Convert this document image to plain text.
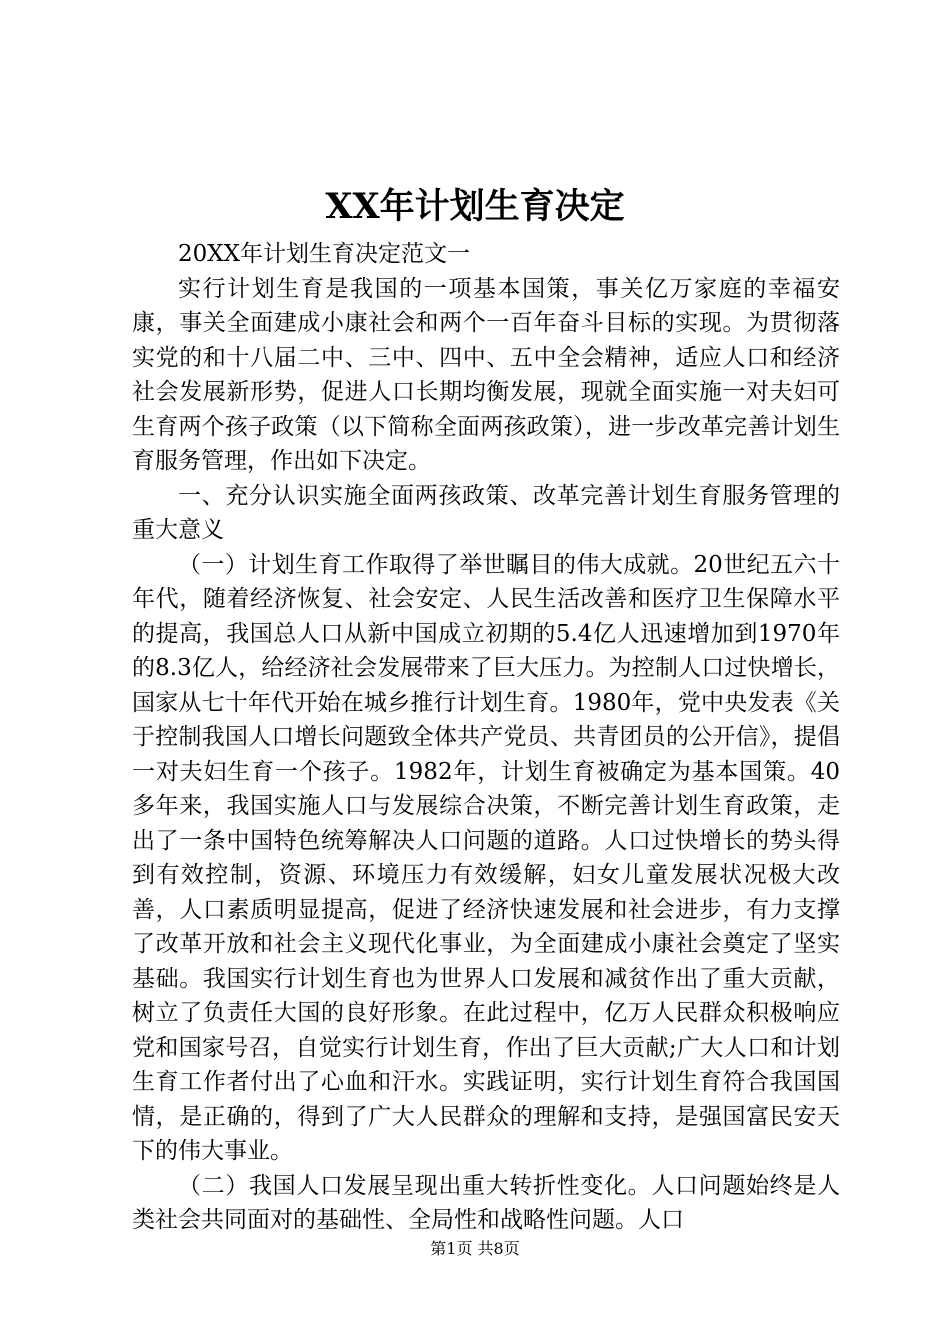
XX年计划生育决定

20XX年计划生育决定范文一

实行计划生育是我国的一项基本国策，事关亿万家庭的幸福安康，事关全面建成小康社会和两个一百年奋斗目标的实现。为贯彻落实党的和十八届二中、三中、四中、五中全会精神，适应人口和经济社会发展新形势，促进人口长期均衡发展，现就全面实施一对夫妇可生育两个孩子政策（以下简称全面两孩政策），进一步改革完善计划生育服务管理，作出如下决定。

一、充分认识实施全面两孩政策、改革完善计划生育服务管理的重大意义

（一）计划生育工作取得了举世瞩目的伟大成就。20世纪五六十年代，随着经济恢复、社会安定、人民生活改善和医疗卫生保障水平的提高，我国总人口从新中国成立初期的5.4亿人迅速增加到1970年的8.3亿人，给经济社会发展带来了巨大压力。为控制人口过快增长，国家从七十年代开始在城乡推行计划生育。1980年，党中央发表《关于控制我国人口增长问题致全体共产党员、共青团员的公开信》，提倡一对夫妇生育一个孩子。1982年，计划生育被确定为基本国策。40多年来，我国实施人口与发展综合决策，不断完善计划生育政策，走出了一条中国特色统筹解决人口问题的道路。人口过快增长的势头得到有效控制，资源、环境压力有效缓解，妇女儿童发展状况极大改善，人口素质明显提高，促进了经济快速发展和社会进步，有力支撑了改革开放和社会主义现代化事业，为全面建成小康社会奠定了坚实基础。我国实行计划生育也为世界人口发展和减贫作出了重大贡献，树立了负责任大国的良好形象。在此过程中，亿万人民群众积极响应党和国家号召，自觉实行计划生育，作出了巨大贡献;广大人口和计划生育工作者付出了心血和汗水。实践证明，实行计划生育符合我国国情，是正确的，得到了广大人民群众的理解和支持，是强国富民安天下的伟大事业。

（二）我国人口发展呈现出重大转折性变化。人口问题始终是人类社会共同面对的基础性、全局性和战略性问题。人口

第1页 共8页
